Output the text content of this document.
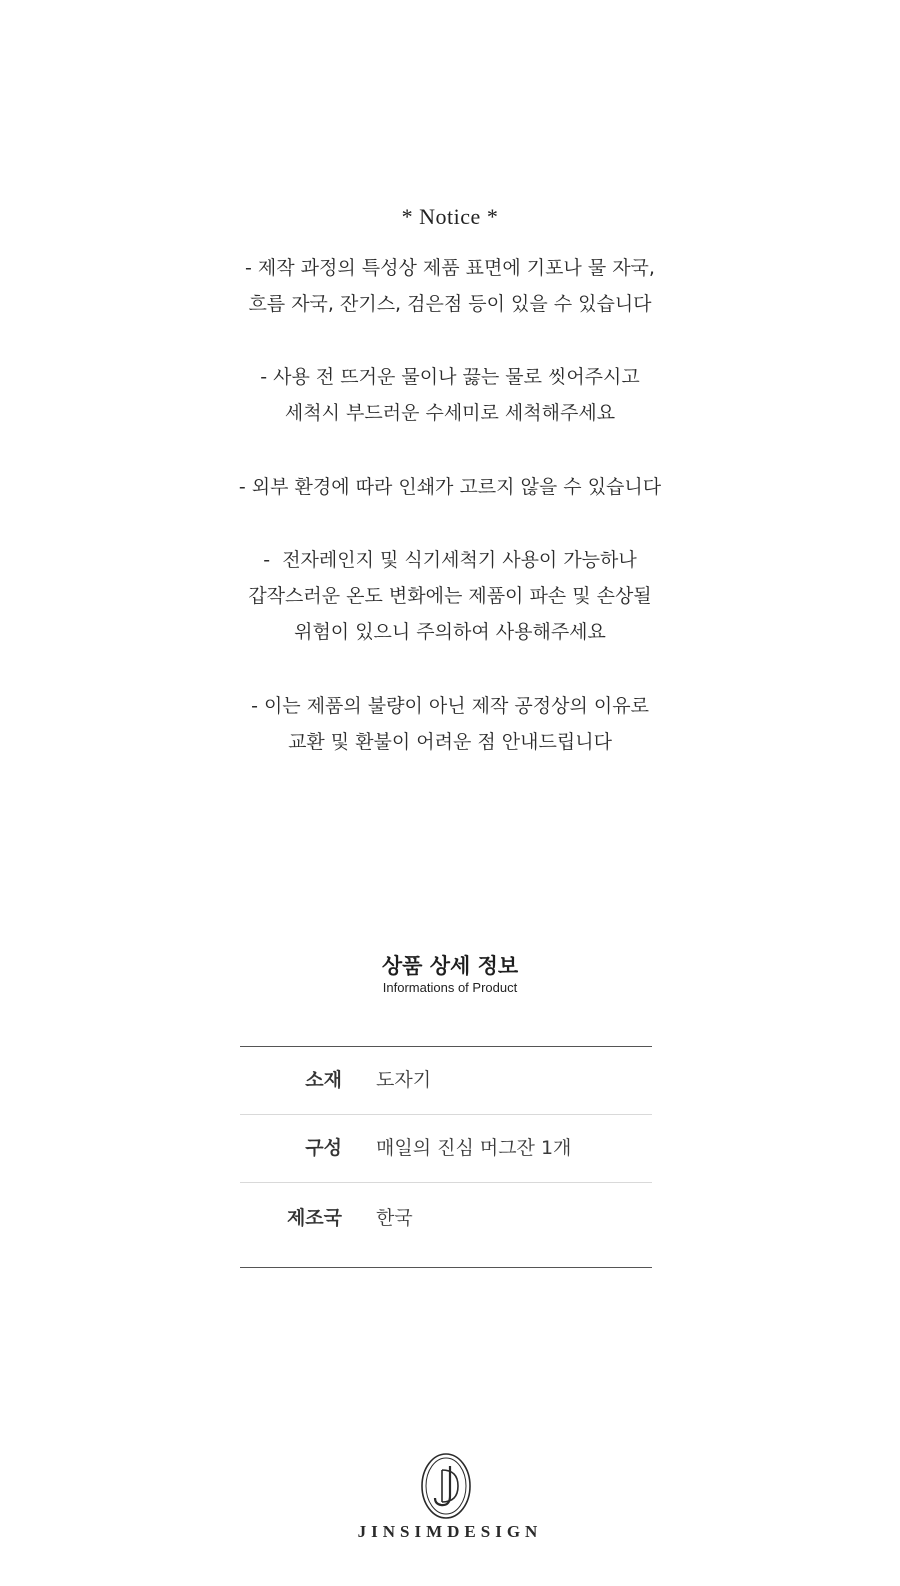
* Notice *
- 제작 과정의 특성상 제품 표면에 기포나 물 자국,
흐름 자국, 잔기스, 검은점 등이 있을 수 있습니다
- 사용 전 뜨거운 물이나 끓는 물로 씻어주시고
세척시 부드러운 수세미로 세척해주세요
- 외부 환경에 따라 인쇄가 고르지 않을 수 있습니다
-  전자레인지 및 식기세척기 사용이 가능하나
갑작스러운 온도 변화에는 제품이 파손 및 손상될
위험이 있으니 주의하여 사용해주세요
- 이는 제품의 불량이 아닌 제작 공정상의 이유로
교환 및 환불이 어려운 점 안내드립니다
상품 상세 정보
Informations of Product
소재 도자기
구성 매일의 진심 머그잔 1개
제조국 한국
JINSIMDESIGN
